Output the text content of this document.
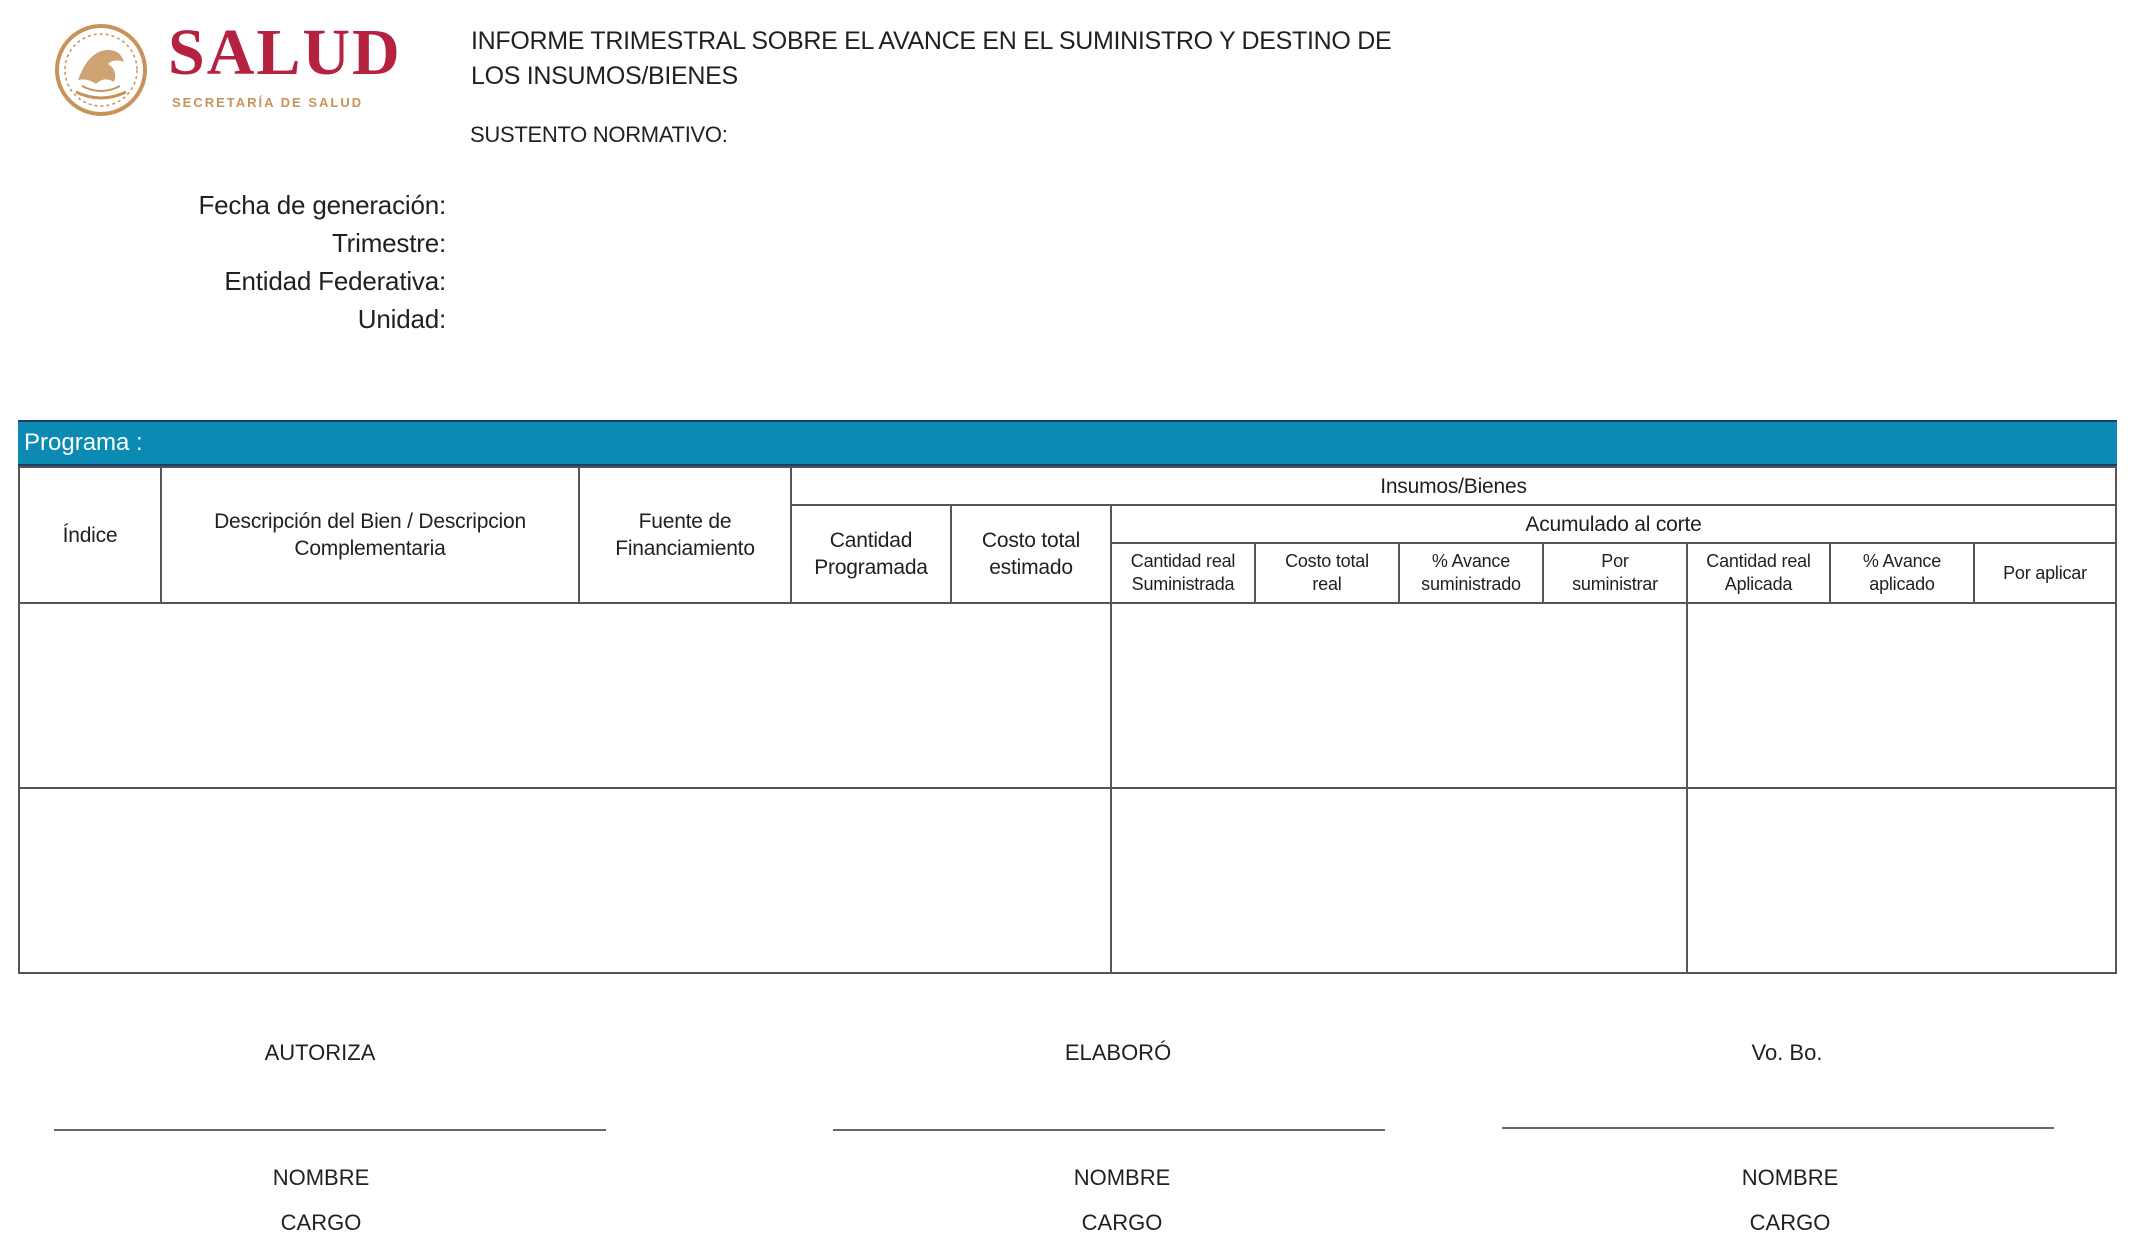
SALUD
SECRETARÍA DE SALUD
INFORME TRIMESTRAL SOBRE EL AVANCE EN EL SUMINISTRO Y DESTINO DE LOS INSUMOS/BIENES
SUSTENTO NORMATIVO:
Fecha de generación:
Trimestre:
Entidad Federativa:
Unidad:
Programa :
Índice
Descripción del Bien / Descripcion Complementaria
Fuente de Financiamiento
Insumos/Bienes
Cantidad Programada
Costo total estimado
Acumulado al corte
Cantidad real Suministrada
Costo total real
% Avance suministrado
Por suministrar
Cantidad real Aplicada
% Avance aplicado
Por aplicar
AUTORIZA
NOMBRE
CARGO
ELABORÓ
NOMBRE
CARGO
Vo. Bo.
NOMBRE
CARGO
